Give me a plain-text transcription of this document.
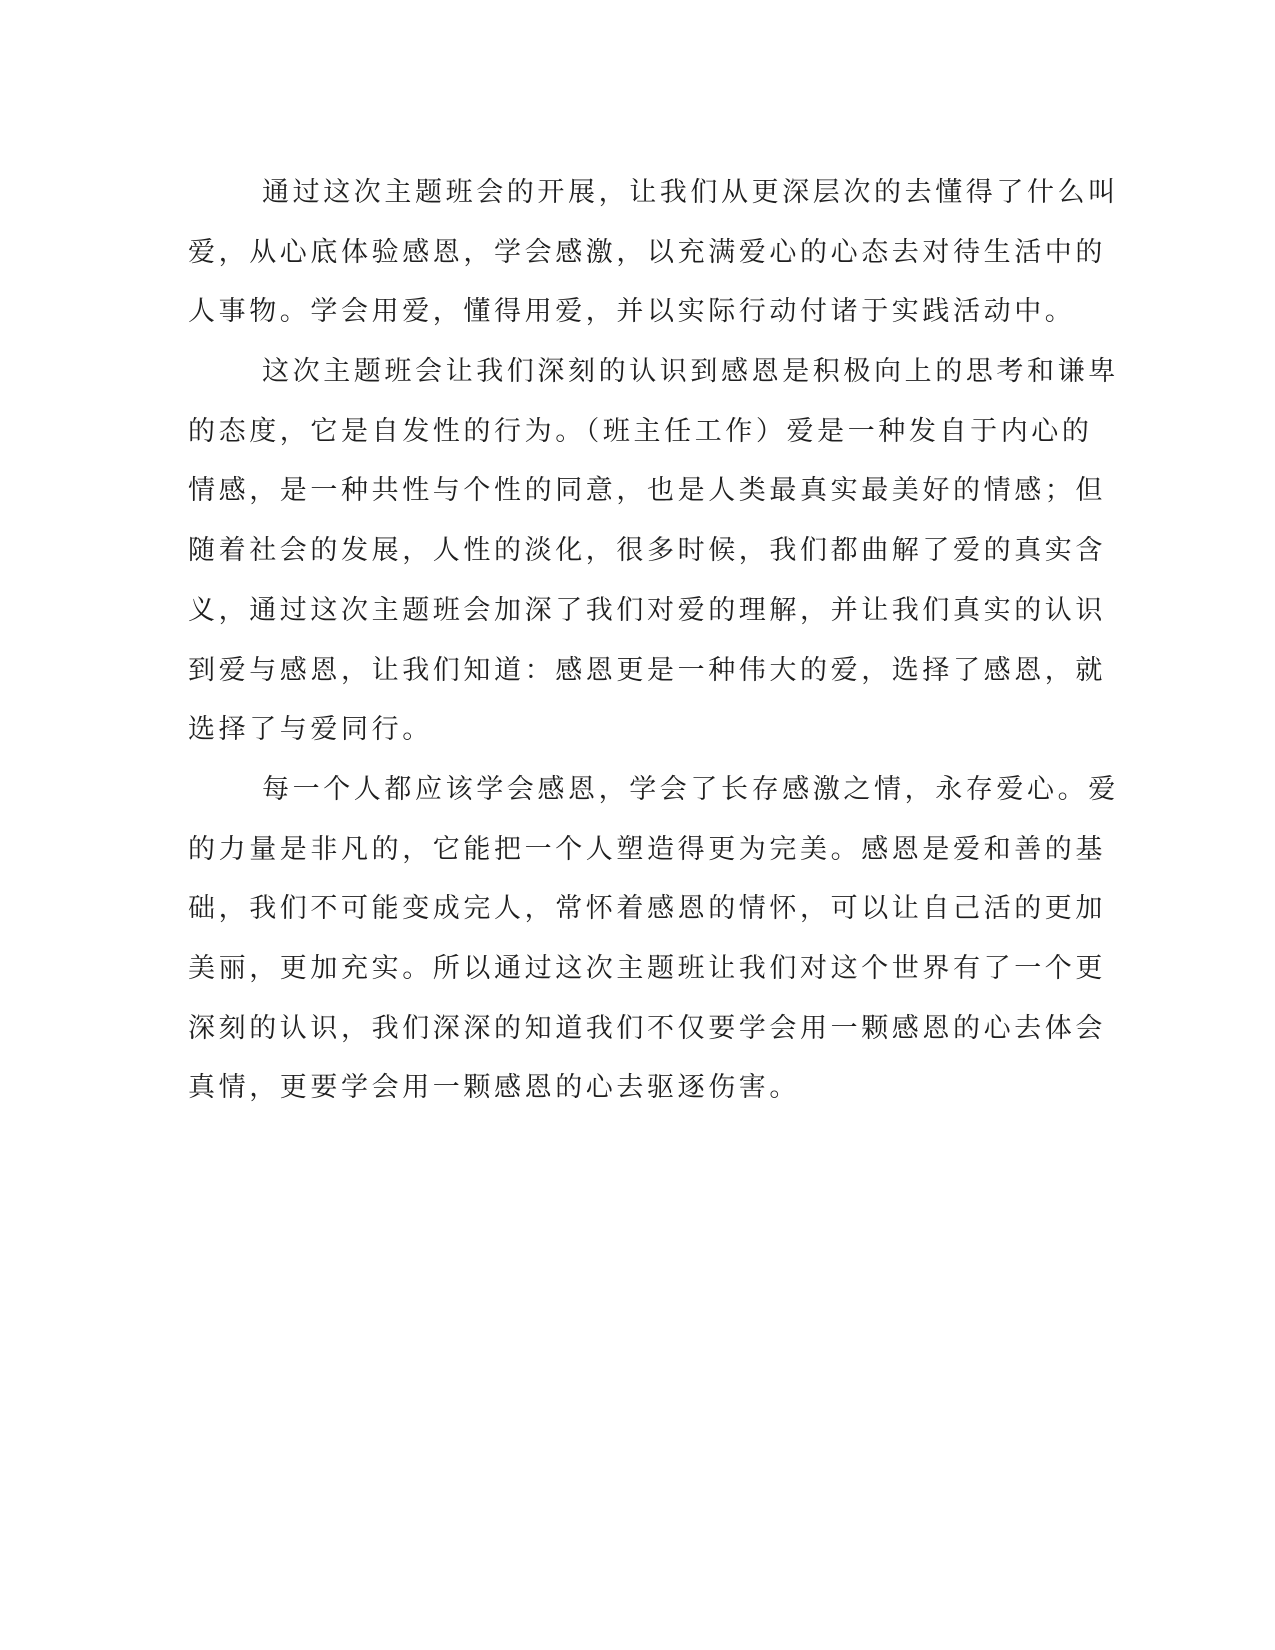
通过这次主题班会的开展，让我们从更深层次的去懂得了什么叫
爱，从心底体验感恩，学会感激，以充满爱心的心态去对待生活中的
人事物。学会用爱，懂得用爱，并以实际行动付诸于实践活动中。
这次主题班会让我们深刻的认识到感恩是积极向上的思考和谦卑
的态度，它是自发性的行为。（班主任工作）爱是一种发自于内心的
情感，是一种共性与个性的同意，也是人类最真实最美好的情感；但
随着社会的发展，人性的淡化，很多时候，我们都曲解了爱的真实含
义，通过这次主题班会加深了我们对爱的理解，并让我们真实的认识
到爱与感恩，让我们知道：感恩更是一种伟大的爱，选择了感恩，就
选择了与爱同行。
每一个人都应该学会感恩，学会了长存感激之情，永存爱心。爱
的力量是非凡的，它能把一个人塑造得更为完美。感恩是爱和善的基
础，我们不可能变成完人，常怀着感恩的情怀，可以让自己活的更加
美丽，更加充实。所以通过这次主题班让我们对这个世界有了一个更
深刻的认识，我们深深的知道我们不仅要学会用一颗感恩的心去体会
真情，更要学会用一颗感恩的心去驱逐伤害。
